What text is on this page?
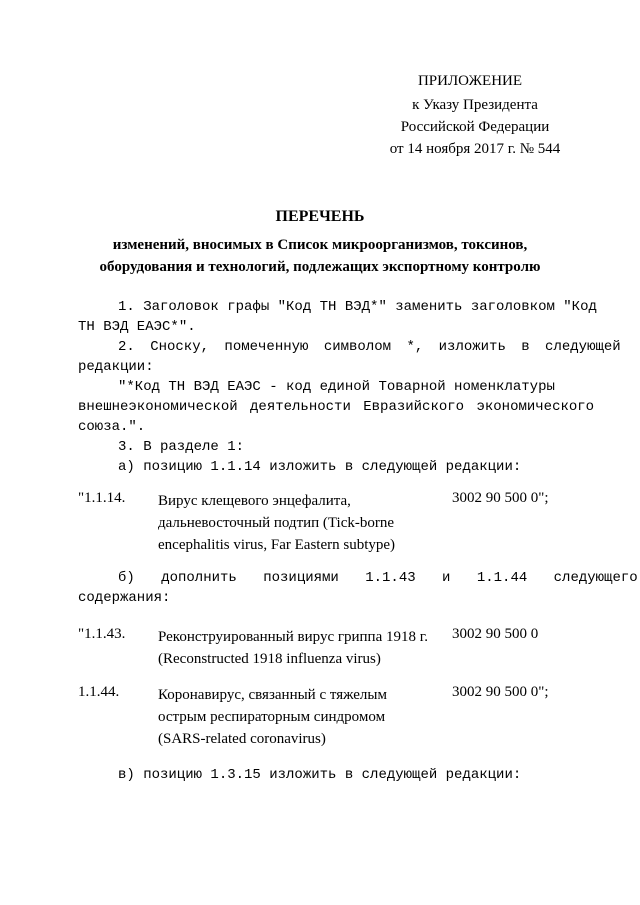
ПРИЛОЖЕНИЕ
к Указу Президента
Российской Федерации
от 14 ноября 2017 г. № 544
ПЕРЕЧЕНЬ
изменений, вносимых в Список микроорганизмов, токсинов,
оборудования и технологий, подлежащих экспортному контролю
1. Заголовок графы "Код ТН ВЭД*" заменить заголовком "Код
ТН ВЭД ЕАЭС*".
2. Сноску, помеченную символом *, изложить в следующей
редакции:
"*Код ТН ВЭД ЕАЭС - код единой Товарной номенклатуры
внешнеэкономической деятельности Евразийского экономического
союза.".
3. В разделе 1:
а) позицию 1.1.14 изложить в следующей редакции:
"1.1.14. Вирус клещевого энцефалита,
дальневосточный подтип (Tick-borne
encephalitis virus, Far Eastern subtype)
3002 90 500 0";
б) дополнить позициями 1.1.43 и 1.1.44 следующего
содержания:
"1.1.43. Реконструированный вирус гриппа 1918 г.
(Reconstructed 1918 influenza virus)
3002 90 500 0
1.1.44.	Коронавирус, связанный с тяжелым
острым респираторным синдромом
(SARS-related coronavirus)
3002 90 500 0";
в) позицию 1.3.15 изложить в следующей редакции:
